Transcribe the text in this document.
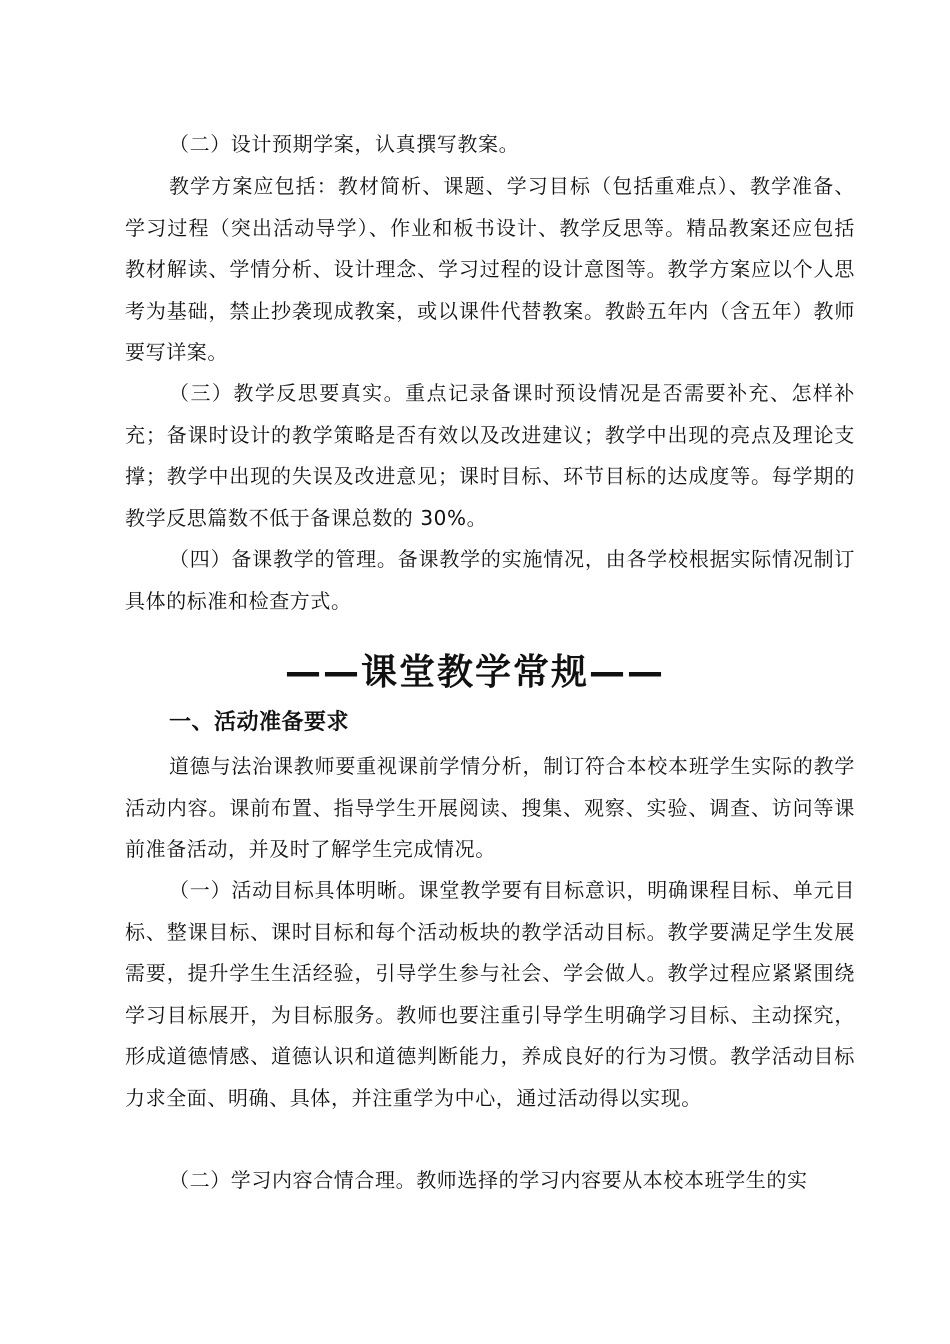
（二）设计预期学案，认真撰写教案。

教学方案应包括：教材简析、课题、学习目标（包括重难点）、教学准备、学习过程（突出活动导学）、作业和板书设计、教学反思等。精品教案还应包括教材解读、学情分析、设计理念、学习过程的设计意图等。教学方案应以个人思考为基础，禁止抄袭现成教案，或以课件代替教案。教龄五年内（含五年）教师要写详案。

（三）教学反思要真实。重点记录备课时预设情况是否需要补充、怎样补充；备课时设计的教学策略是否有效以及改进建议；教学中出现的亮点及理论支撑；教学中出现的失误及改进意见；课时目标、环节目标的达成度等。每学期的教学反思篇数不低于备课总数的 30%。

（四）备课教学的管理。备课教学的实施情况，由各学校根据实际情况制订具体的标准和检查方式。

——课堂教学常规——
一、活动准备要求

道德与法治课教师要重视课前学情分析，制订符合本校本班学生实际的教学活动内容。课前布置、指导学生开展阅读、搜集、观察、实验、调查、访问等课前准备活动，并及时了解学生完成情况。

（一）活动目标具体明晰。课堂教学要有目标意识，明确课程目标、单元目标、整课目标、课时目标和每个活动板块的教学活动目标。教学要满足学生发展需要，提升学生生活经验，引导学生参与社会、学会做人。教学过程应紧紧围绕学习目标展开，为目标服务。教师也要注重引导学生明确学习目标、主动探究，形成道德情感、道德认识和道德判断能力，养成良好的行为习惯。教学活动目标力求全面、明确、具体，并注重学为中心，通过活动得以实现。

（二）学习内容合情合理。教师选择的学习内容要从本校本班学生的实
